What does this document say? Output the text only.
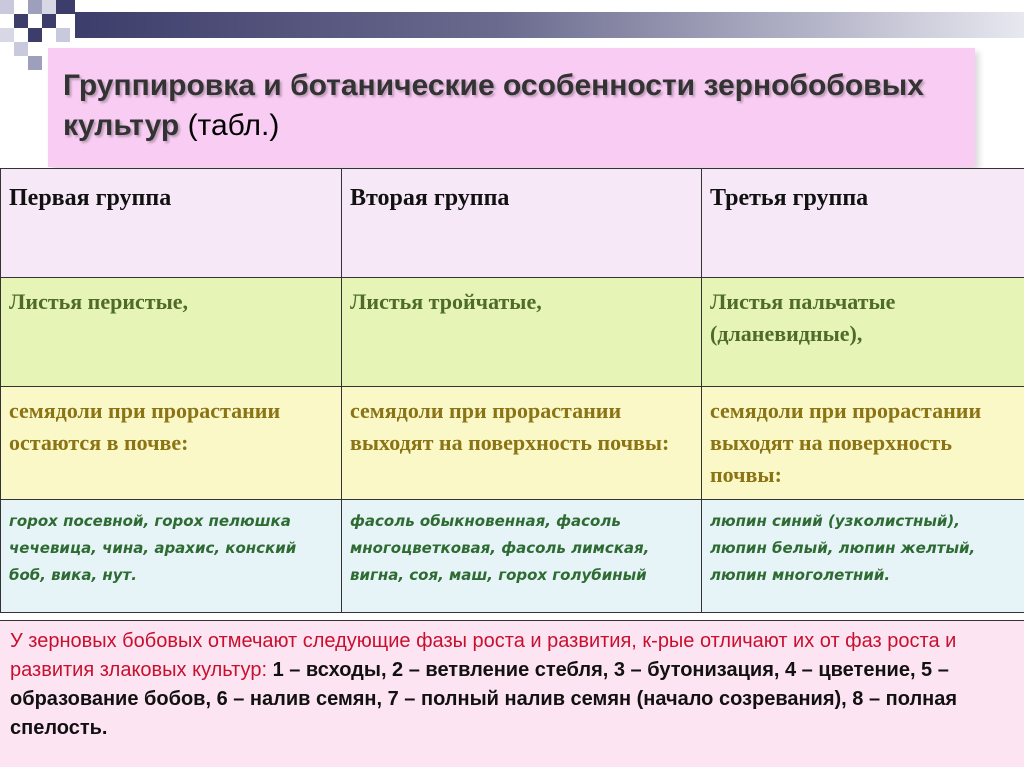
Группировка и ботанические особенности зернобобовых культур (табл.)
Первая группа	Вторая группа	Третья группа

Листья перистые,	Листья тройчатые,	Листья пальчатые (дланевидные),

семядоли при прорастании остаются в почве:	семядоли при прорастании выходят на поверхность почвы:	семядоли при прорастании выходят на поверхность почвы:

горох посевной, горох пелюшка чечевица, чина, арахис, конский боб, вика, нут.	фасоль обыкновенная, фасоль многоцветковая, фасоль лимская, вигна, соя, маш, горох голубиный	люпин синий (узколистный), люпин белый, люпин желтый, люпин многолетний.
У зерновых бобовых отмечают следующие фазы роста и развития, к-рые отличают их от фаз роста и развития злаковых культур: 1 – всходы, 2 – ветвление стебля, 3 – бутонизация, 4 – цветение, 5 – образование бобов, 6 – налив семян, 7 – полный налив семян (начало созревания), 8 – полная спелость.
